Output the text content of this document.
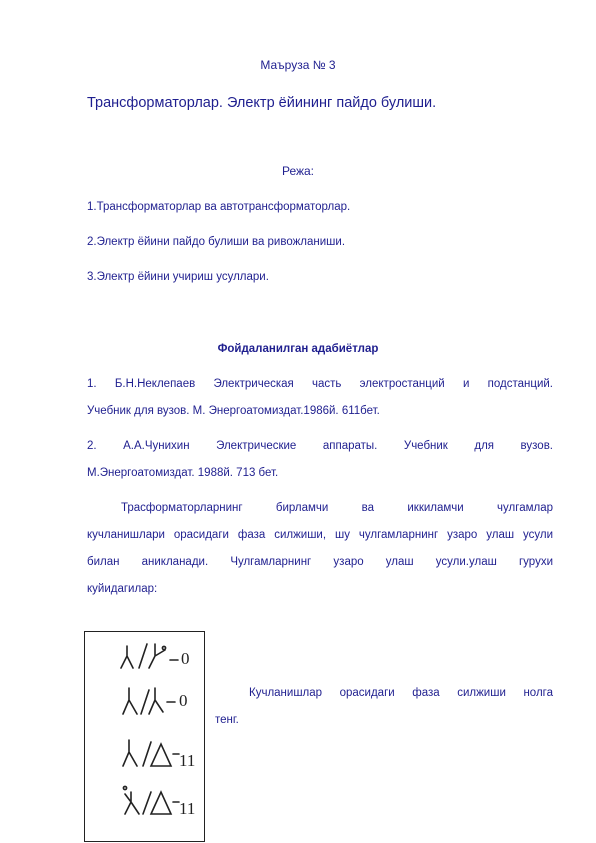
Маъруза № 3
Трансформаторлар. Электр ёйининг пайдо булиши.
Режа:
1.Трансформаторлар ва автотрансформаторлар.
2.Электр ёйини пайдо булиши ва ривожланиши.
3.Электр ёйини учириш усуллари.
Фойдаланилган адабиётлар
1. Б.Н.Неклепаев Электрическая часть электростанций и подстанций.
Учебник для вузов. М. Энергоатомиздат.1986й. 611бет.
2. А.А.Чунихин Электрические аппараты. Учебник для вузов.
М.Энергоатомиздат. 1988й. 713 бет.
Трасформаторларнинг бирламчи ва иккиламчи чулгамлар
кучланишлари орасидаги фаза силжиши, шу чулгамларнинг узаро улаш усули
билан аникланади. Чулгамларнинг узаро улаш усули.улаш гурухи
куйидагилар:
0
0
11
11
Кучланишлар орасидаги фаза силжиши нолга
тенг.
